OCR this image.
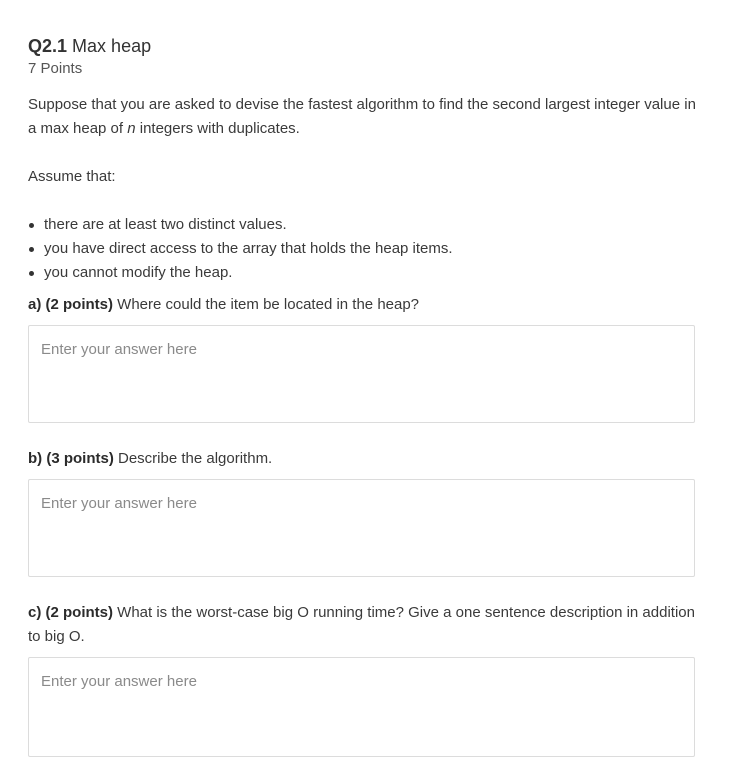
Q2.1 Max heap
7 Points
Suppose that you are asked to devise the fastest algorithm to find the second largest integer value in a max heap of n integers with duplicates.
Assume that:
there are at least two distinct values.
you have direct access to the array that holds the heap items.
you cannot modify the heap.
a) (2 points) Where could the item be located in the heap?
Enter your answer here
b) (3 points) Describe the algorithm.
Enter your answer here
c) (2 points) What is the worst-case big O running time? Give a one sentence description in addition to big O.
Enter your answer here
